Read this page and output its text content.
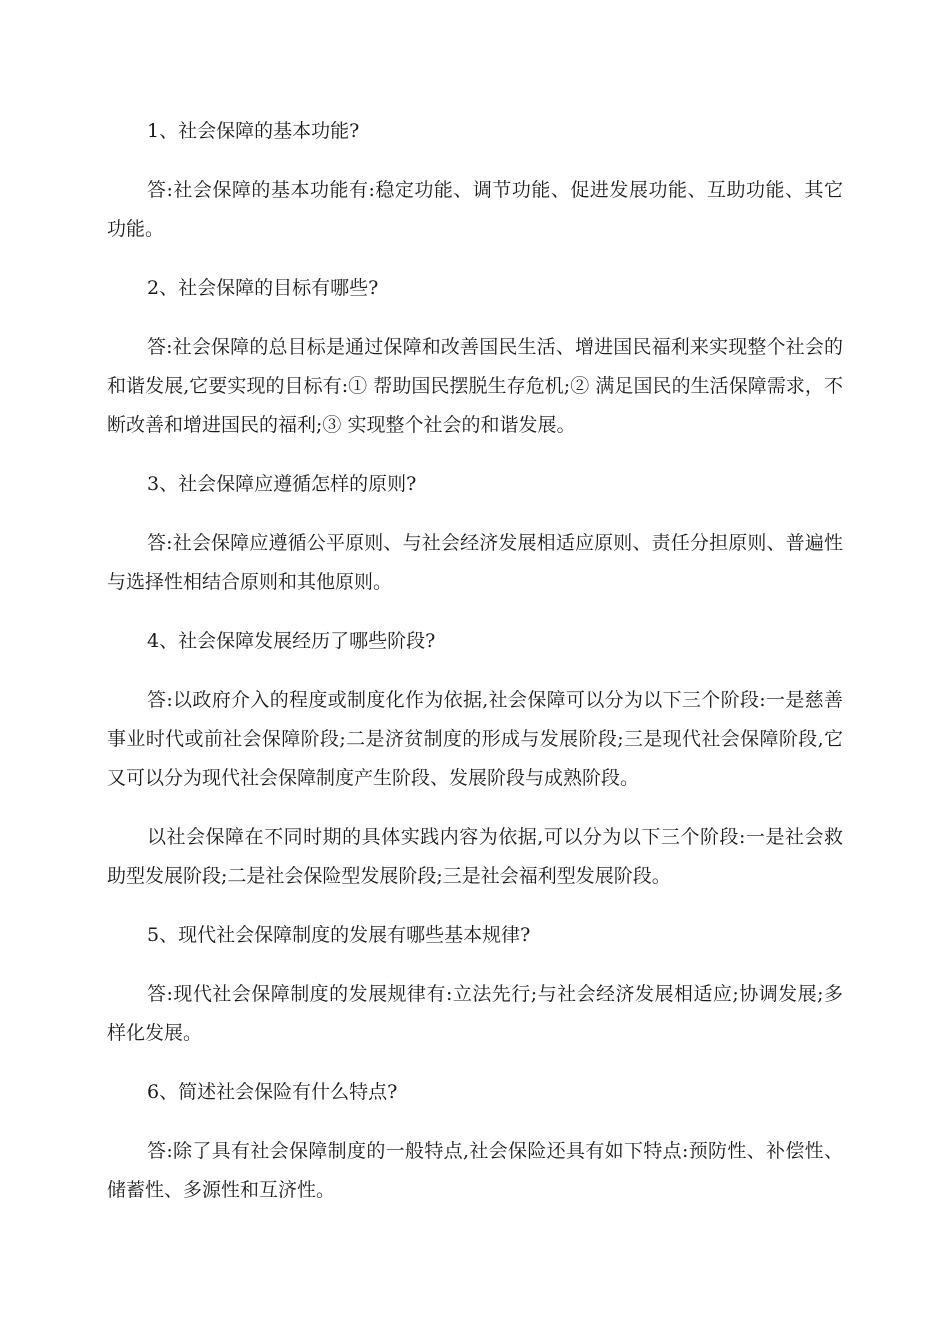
1、社会保障的基本功能?

答:社会保障的基本功能有:稳定功能、调节功能、促进发展功能、互助功能、其它功能。

2、社会保障的目标有哪些?

答:社会保障的总目标是通过保障和改善国民生活、增进国民福利来实现整个社会的和谐发展,它要实现的目标有:① 帮助国民摆脱生存危机;② 满足国民的生活保障需求，不断改善和增进国民的福利;③ 实现整个社会的和谐发展。

3、社会保障应遵循怎样的原则?

答:社会保障应遵循公平原则、与社会经济发展相适应原则、责任分担原则、普遍性与选择性相结合原则和其他原则。

4、社会保障发展经历了哪些阶段?

答:以政府介入的程度或制度化作为依据,社会保障可以分为以下三个阶段:一是慈善事业时代或前社会保障阶段;二是济贫制度的形成与发展阶段;三是现代社会保障阶段,它又可以分为现代社会保障制度产生阶段、发展阶段与成熟阶段。

以社会保障在不同时期的具体实践内容为依据,可以分为以下三个阶段:一是社会救助型发展阶段;二是社会保险型发展阶段;三是社会福利型发展阶段。

5、现代社会保障制度的发展有哪些基本规律?

答:现代社会保障制度的发展规律有:立法先行;与社会经济发展相适应;协调发展;多样化发展。

6、简述社会保险有什么特点?

答:除了具有社会保障制度的一般特点,社会保险还具有如下特点:预防性、补偿性、储蓄性、多源性和互济性。
